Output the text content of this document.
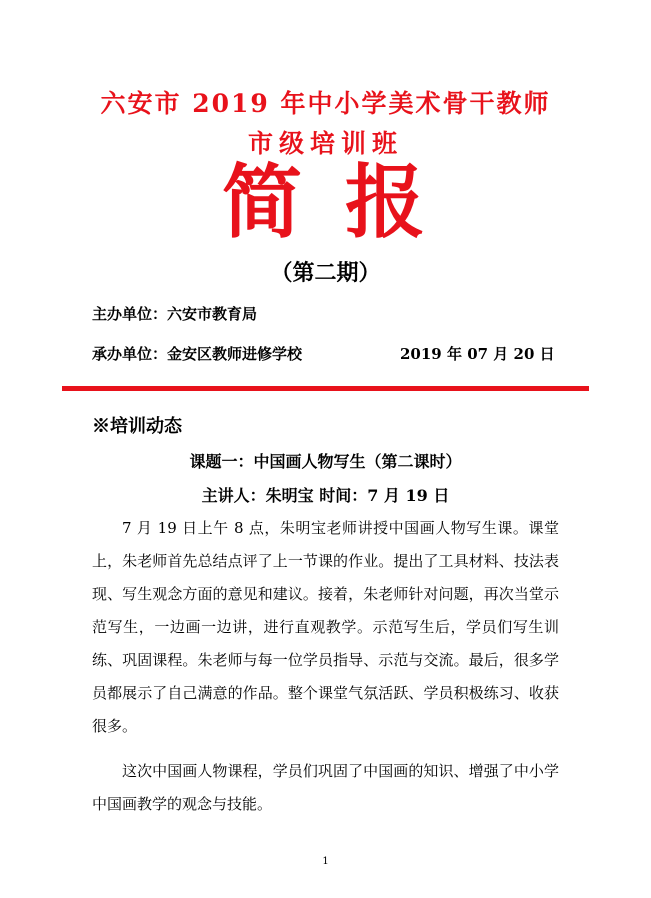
六安市 2019 年中小学美术骨干教师
市级培训班
简 报
（第二期）
主办单位：六安市教育局
承办单位：金安区教师进修学校	2019 年 07 月 20 日
※培训动态
课题一：中国画人物写生（第二课时）
主讲人：朱明宝 时间：7 月 19 日

7 月 19 日上午 8 点，朱明宝老师讲授中国画人物写生课。课堂上，朱老师首先总结点评了上一节课的作业。提出了工具材料、技法表现、写生观念方面的意见和建议。接着，朱老师针对问题，再次当堂示范写生，一边画一边讲，进行直观教学。示范写生后，学员们写生训练、巩固课程。朱老师与每一位学员指导、示范与交流。最后，很多学员都展示了自己满意的作品。整个课堂气氛活跃、学员积极练习、收获很多。

这次中国画人物课程，学员们巩固了中国画的知识、增强了中小学中国画教学的观念与技能。

1
